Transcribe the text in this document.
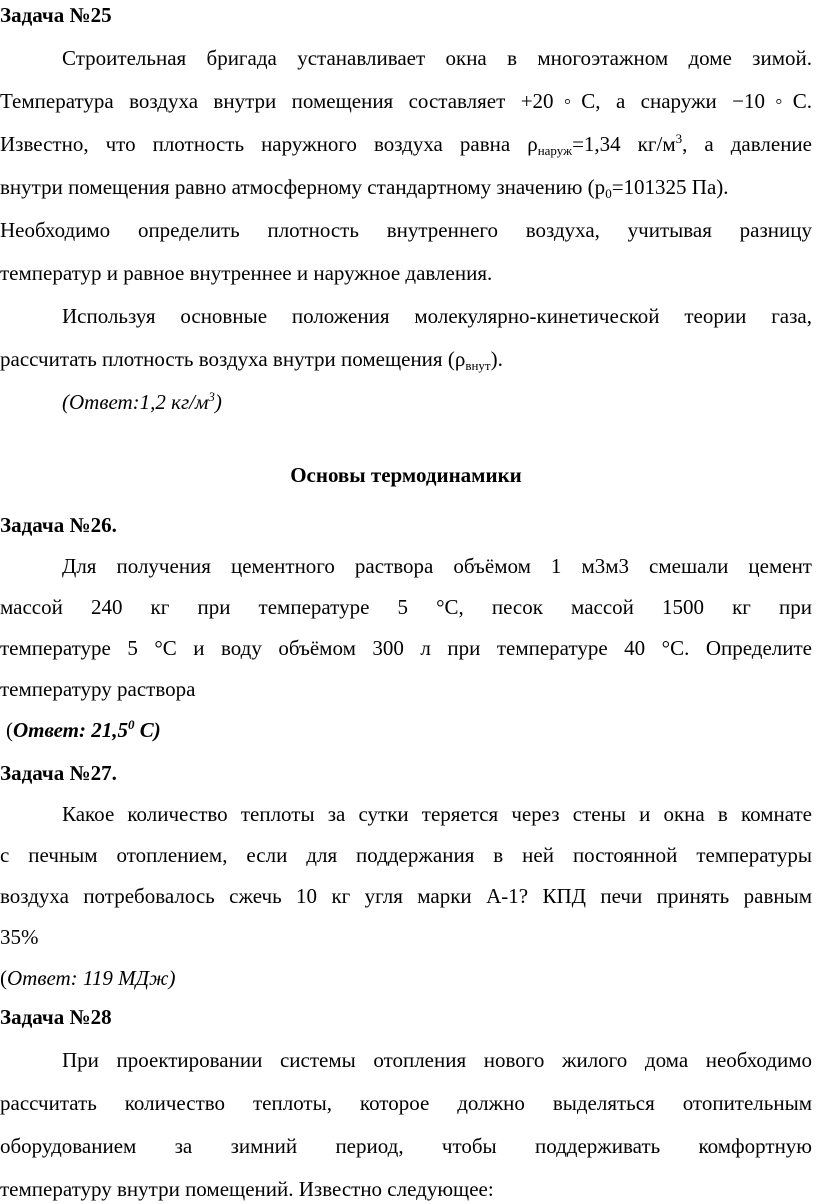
Задача №25
Строительная бригада устанавливает окна в многоэтажном доме зимой.
Температура воздуха внутри помещения составляет +20◦С, а снаружи −10◦С.
Известно, что плотность наружного воздуха равна $\rho_{наруж}=1,34$ $кг/м^3$, а давление
внутри помещения равно атмосферному стандартному значению ($p_0=101325$ Па).
Необходимо определить плотность внутреннего воздуха, учитывая разницу
температур и равное внутреннее и наружное давления.
Используя основные положения молекулярно-кинетической теории газа,
рассчитать плотность воздуха внутри помещения $(\rho_{внут})$.
(Ответ:1,2 $кг/м^3$)
Основы термодинамики
Задача №26.
Для получения цементного раствора объёмом 1 м3м3 смешали цемент
массой 240 кг при температуре 5 °С, песок массой 1500 кг при
температуре 5 °С и воду объёмом 300 л при температуре 40 °С. Определите
температуру раствора
(Ответ: 21,5$^0$ С)
Задача №27.
Какое количество теплоты за сутки теряется через стены и окна в комнате
с печным отоплением, если для поддержания в ней постоянной температуры
воздуха потребовалось сжечь 10 кг угля марки А-1? КПД печи принять равным
35%
(Ответ: 119 МДж)
Задача №28
При проектировании системы отопления нового жилого дома необходимо
рассчитать количество теплоты, которое должно выделяться отопительным
оборудованием за зимний период, чтобы поддерживать комфортную
температуру внутри помещений. Известно следующее:
